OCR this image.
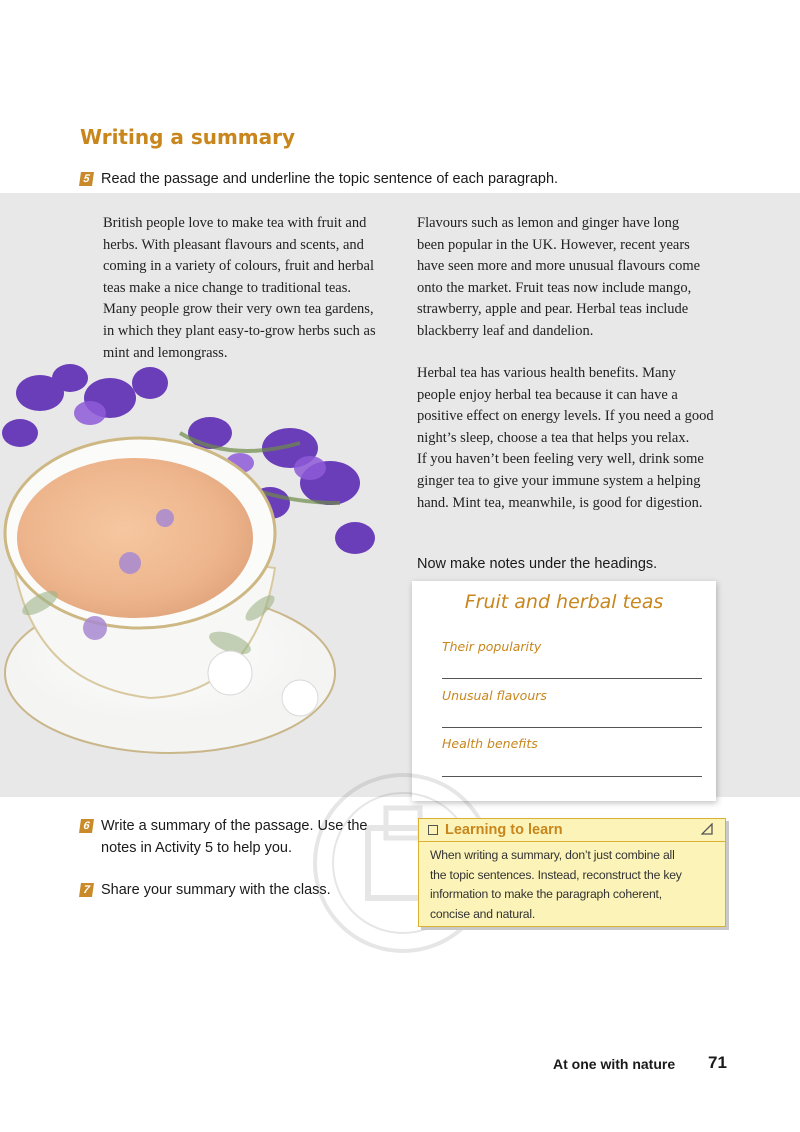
Writing a summary
5 Read the passage and underline the topic sentence of each paragraph.

British people love to make tea with fruit and

herbs. With pleasant flavours and scents, and

coming in a variety of colours, fruit and herbal

teas make a nice change to traditional teas.

Many people grow their very own tea gardens,

in which they plant easy-to-grow herbs such as

mint and lemongrass.

Flavours such as lemon and ginger have long

been popular in the UK. However, recent years

have seen more and more unusual flavours come

onto the market. Fruit teas now include mango,

strawberry, apple and pear. Herbal teas include

blackberry leaf and dandelion.

Herbal tea has various health benefits. Many

people enjoy herbal tea because it can have a

positive effect on energy levels. If you need a good

night’s sleep, choose a tea that helps you relax.

If you haven’t been feeling very well, drink some

ginger tea to give your immune system a helping

hand. Mint tea, meanwhile, is good for digestion.

Now make notes under the headings.
Fruit and herbal teas
Their popularity
Unusual flavours
Health benefits
6 Write a summary of the passage. Use the
notes in Activity 5 to help you.
7 Share your summary with the class.
Learning to learn
When writing a summary, don’t just combine all
the topic sentences. Instead, reconstruct the key
information to make the paragraph coherent,
concise and natural.
At one with nature 71
